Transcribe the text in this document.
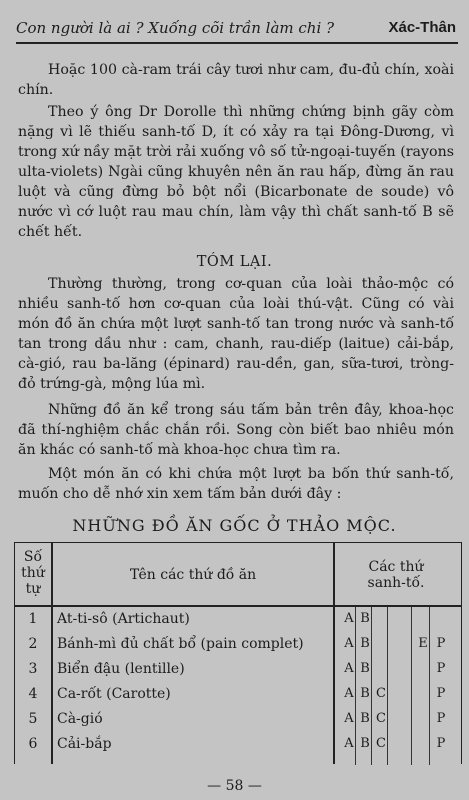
Con người là ai ? Xuống cõi trần làm chi ?	Xác-Thân

Hoặc 100 cà-ram trái cây tươi như cam, đu-đủ chín, xoài chín.

Theo ý ông Dr Dorolle thì những chứng bịnh gãy còm nặng vì lẽ thiếu sanh-tố D, ít có xảy ra tại Đông-Dương, vì trong xứ nầy mặt trời rải xuống vô số tử-ngoại-tuyến (rayons ulta-violets) Ngài cũng khuyên nên ăn rau hấp, đừng ăn rau luột và cũng đừng bỏ bột nổi (Bicarbonate de soude) vô nước vì cớ luột rau mau chín, làm vậy thì chất sanh-tố B sẽ chết hết.

TÓM LẠI.

Thường thường, trong cơ-quan của loài thảo-mộc có nhiều sanh-tố hơn cơ-quan của loài thú-vật. Cũng có vài món đồ ăn chứa một lượt sanh-tố tan trong nước và sanh-tố tan trong dầu như : cam, chanh, rau-diếp (laitue) cải-bắp, cà-gió, rau ba-lăng (épinard) rau-dền, gan, sữa-tươi, tròng-đỏ trứng-gà, mộng lúa mì.

Những đồ ăn kể trong sáu tấm bản trên đây, khoa-học đã thí-nghiệm chắc chắn rồi. Song còn biết bao nhiêu món ăn khác có sanh-tố mà khoa-học chưa tìm ra.

Một món ăn có khi chứa một lượt ba bốn thứ sanh-tố, muốn cho dễ nhớ xin xem tấm bản dưới đây :

NHỮNG ĐỒ ĂN GỐC Ở THẢO MỘC.
Số thứ tự
Tên các thứ đồ ăn	Các thứ sanh-tố.
1	At-ti-sô (Artichaut)	A B
2	Bánh-mì đủ chất bổ (pain complet)	A B	E P
3	Biển đậu (lentille)	A B	P
4	Ca-rốt (Carotte)	A B C	P
5	Cà-gió	A B C	P
6	Cải-bắp	A B C	P
— 58 —
